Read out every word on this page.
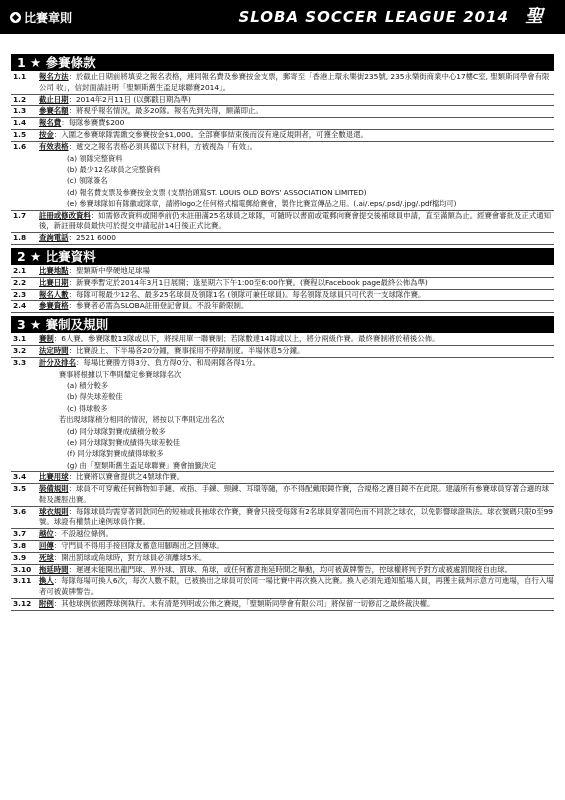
比賽章則	SLOBA SOCCER LEAGUE 2014 聖
1 ★ 參賽條款
1.1	報名方法：於截止日期前將填妥之報名表格，連同報名費及參賽按金支票，郵寄至「香港上環永樂街235號, 235永樂街商業中心17樓C室, 聖類斯同學會有限公司 收」，信封面請註明「聖類斯舊生盃足球聯賽2014」。
1.2	截止日期：2014年2月11日 (以郵戳日期為準)
1.3	參賽名額：將視乎報名情況，最多20隊。報名先到先得，額滿即止。
1.4	報名費：每隊參賽費$200
1.5	按金：入圍之參賽球隊需繳交參賽按金$1,000。全部賽事結束後而沒有違反規則者，可獲全數退還。
1.6	有效表格：遞交之報名表格必須具備以下材料，方被視為「有效」。
(a) 領隊完整資料
(b) 最少12名球員之完整資料
(c) 領隊簽名
(d) 報名費支票及參賽按金支票 (支票抬頭寫ST. LOUIS OLD BOYS' ASSOCIATION LIMITED)
(e) 參賽球隊如有隊徽或隊章，請將logo之任何格式檔電郵給賽會，製作比賽宣傳品之用。(.ai/.eps/.psd/.jpg/.pdf檔均可)
1.7	註冊或修改資料：如需修改資料或開季前仍未註冊滿25名球員之球隊，可隨時以書面或電郵向賽會提交後補球員申請，直至滿額為止。經賽會審批及正式通知後，新註冊球員最快可於提交申請起計14日後正式比賽。
1.8	查詢電話：2521 6000
2 ★ 比賽資料
2.1	比賽地點：聖類斯中學硬地足球場
2.2	比賽日期：新賽季暫定於2014年3月1日展開；逢星期六下午1:00至6:00作賽。(賽程以Facebook page最終公佈為準)
2.3	報名人數：每隊可報最少12名、最多25名球員及領隊1名 (領隊可兼任球員)。每名領隊及球員只可代表一支球隊作賽。
2.4	參賽資格：參賽者必需為SLOBA註冊登記會員。不設年齡限制。
3 ★ 賽制及規則
3.1	賽制：6人賽。參賽隊數13隊或以下，將採用單一聯賽制；若隊數達14隊或以上，將分兩級作賽。最終賽制將於稍後公佈。
3.2	法定時間：比賽設上、下半場各20分鐘，賽事採用不停錶制度。半場休息5分鐘。
3.3	計分及排名：每場比賽勝方得3分、負方得0分、和局兩隊各得1分。
賽事將根據以下準則釐定參賽球隊名次
(a) 積分較多
(b) 得失球差較佳
(c) 得球較多
若出現球隊積分相同的情況，將按以下準則定出名次
(d) 同分球隊對賽成績積分較多
(e) 同分球隊對賽成績得失球差較佳
(f) 同分球隊對賽成績得球較多
(g) 由「聖類斯舊生盃足球聯賽」賽會抽籤決定
3.4	比賽用球：比賽將以賽會提供之4號球作賽。
3.5	裝備規則：球員不可穿戴任何飾物如手鏈、戒指、手鍊、頸鍊、耳環等隨，亦不得配戴眼鏡作賽，合規格之護目鏡不在此限。建議所有參賽球員穿著合適的球鞋及護脛出賽。
3.6	球衣規則：每隊球員均需穿著同款同色的短袖或長袖球衣作賽，賽會只接受每隊有2名球員穿著同色而不同款之球衣，以免影響球證執法。球衣號碼只限0至99號。球證有權禁止違例球員作賽。
3.7	越位：不設越位條例。
3.8	回傳：守門員不得用手接回隊友蓄意用腳踢出之回傳球。
3.9	死球：開出罰球或角球時，對方球員必須離球5米。
3.10	拖延時間：遲遲未能開出龍門球、界外球、罰球、角球，或任何蓄意拖延時間之舉動，均可被黃牌警告，控球權將判予對方或被處罰間接自由球。
3.11	換人：每隊每場可換人6次，每次人數不限，已被換出之球員可於同一場比賽中再次換入比賽。換人必須先通知監場人員，再獲主裁判示意方可進場，自行入場者可被黃牌警告。
3.12	附例：其他球例依國際球例執行。未有清楚列明或公佈之賽規，「聖類斯同學會有限公司」將保留一切修訂之最終裁決權。
